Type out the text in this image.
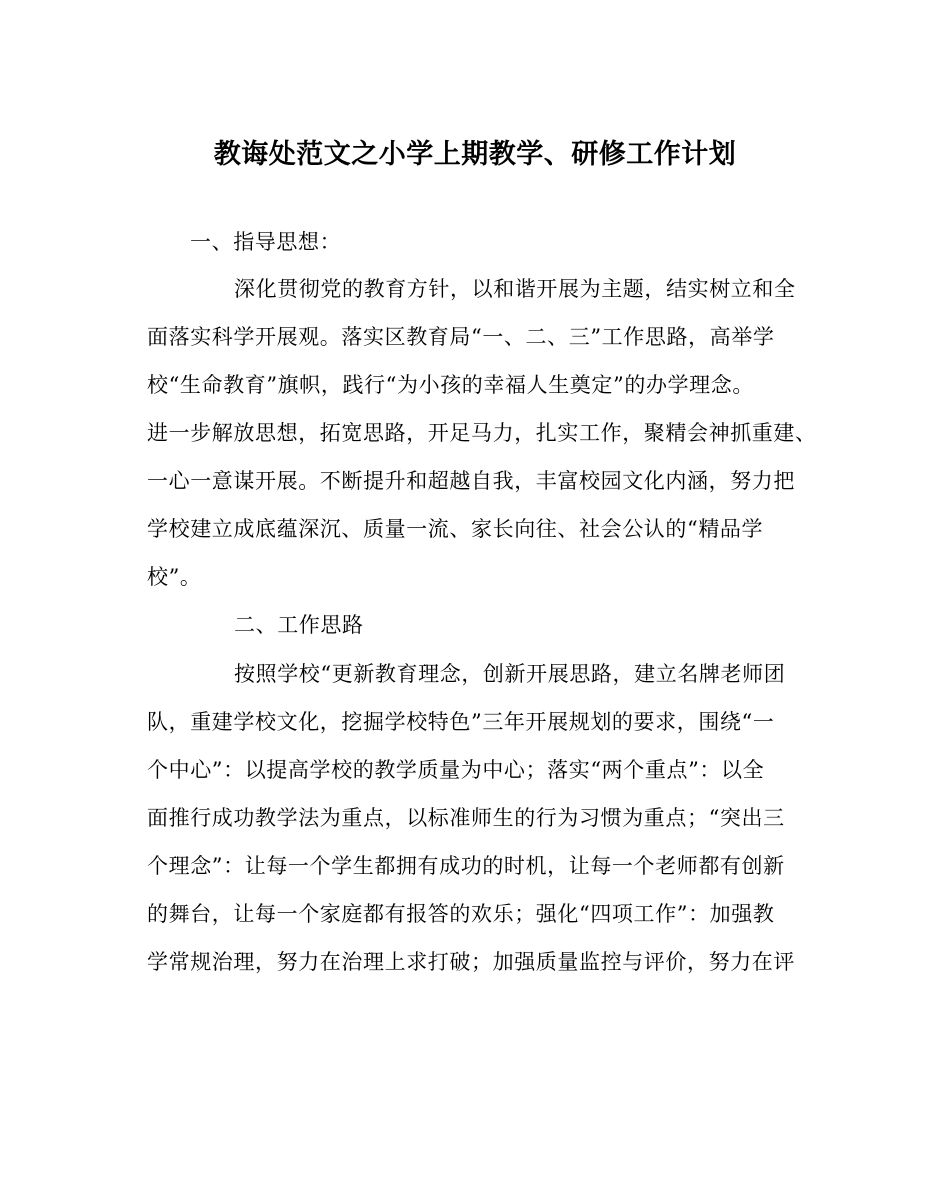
教诲处范文之小学上期教学、研修工作计划
一、指导思想：
深化贯彻党的教育方针，以和谐开展为主题，结实树立和全
面落实科学开展观。落实区教育局“一、二、三”工作思路，高举学
校“生命教育”旗帜，践行“为小孩的幸福人生奠定”的办学理念。
进一步解放思想，拓宽思路，开足马力，扎实工作，聚精会神抓重建、
一心一意谋开展。不断提升和超越自我，丰富校园文化内涵，努力把
学校建立成底蕴深沉、质量一流、家长向往、社会公认的“精品学
校”。
二、工作思路
按照学校“更新教育理念，创新开展思路，建立名牌老师团
队，重建学校文化，挖掘学校特色”三年开展规划的要求，围绕“一
个中心”：以提高学校的教学质量为中心；落实“两个重点”：以全
面推行成功教学法为重点，以标准师生的行为习惯为重点；“突出三
个理念”：让每一个学生都拥有成功的时机，让每一个老师都有创新
的舞台，让每一个家庭都有报答的欢乐；强化“四项工作”：加强教
学常规治理，努力在治理上求打破；加强质量监控与评价，努力在评
